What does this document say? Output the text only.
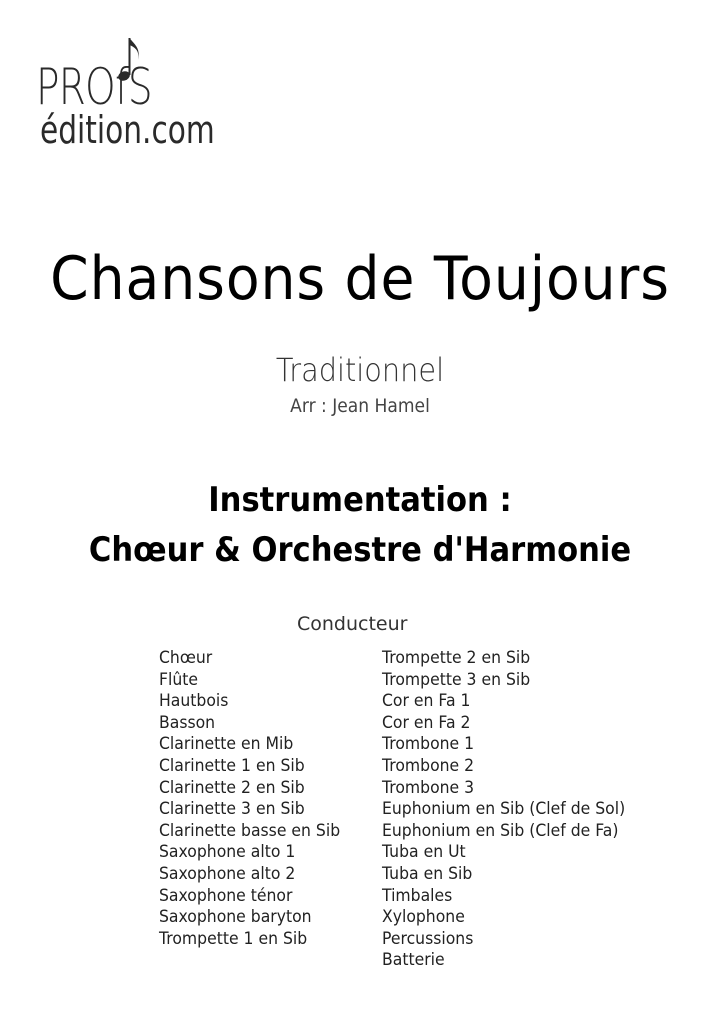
PROfS
édition.com
Chansons de Toujours
Traditionnel
Arr : Jean Hamel
Instrumentation :
Chœur & Orchestre d'Harmonie
Conducteur
Chœur
Flûte
Hautbois
Basson
Clarinette en Mib
Clarinette 1 en Sib
Clarinette 2 en Sib
Clarinette 3 en Sib
Clarinette basse en Sib
Saxophone alto 1
Saxophone alto 2
Saxophone ténor
Saxophone baryton
Trompette 1 en Sib
Trompette 2 en Sib
Trompette 3 en Sib
Cor en Fa 1
Cor en Fa 2
Trombone 1
Trombone 2
Trombone 3
Euphonium en Sib (Clef de Sol)
Euphonium en Sib (Clef de Fa)
Tuba en Ut
Tuba en Sib
Timbales
Xylophone
Percussions
Batterie
